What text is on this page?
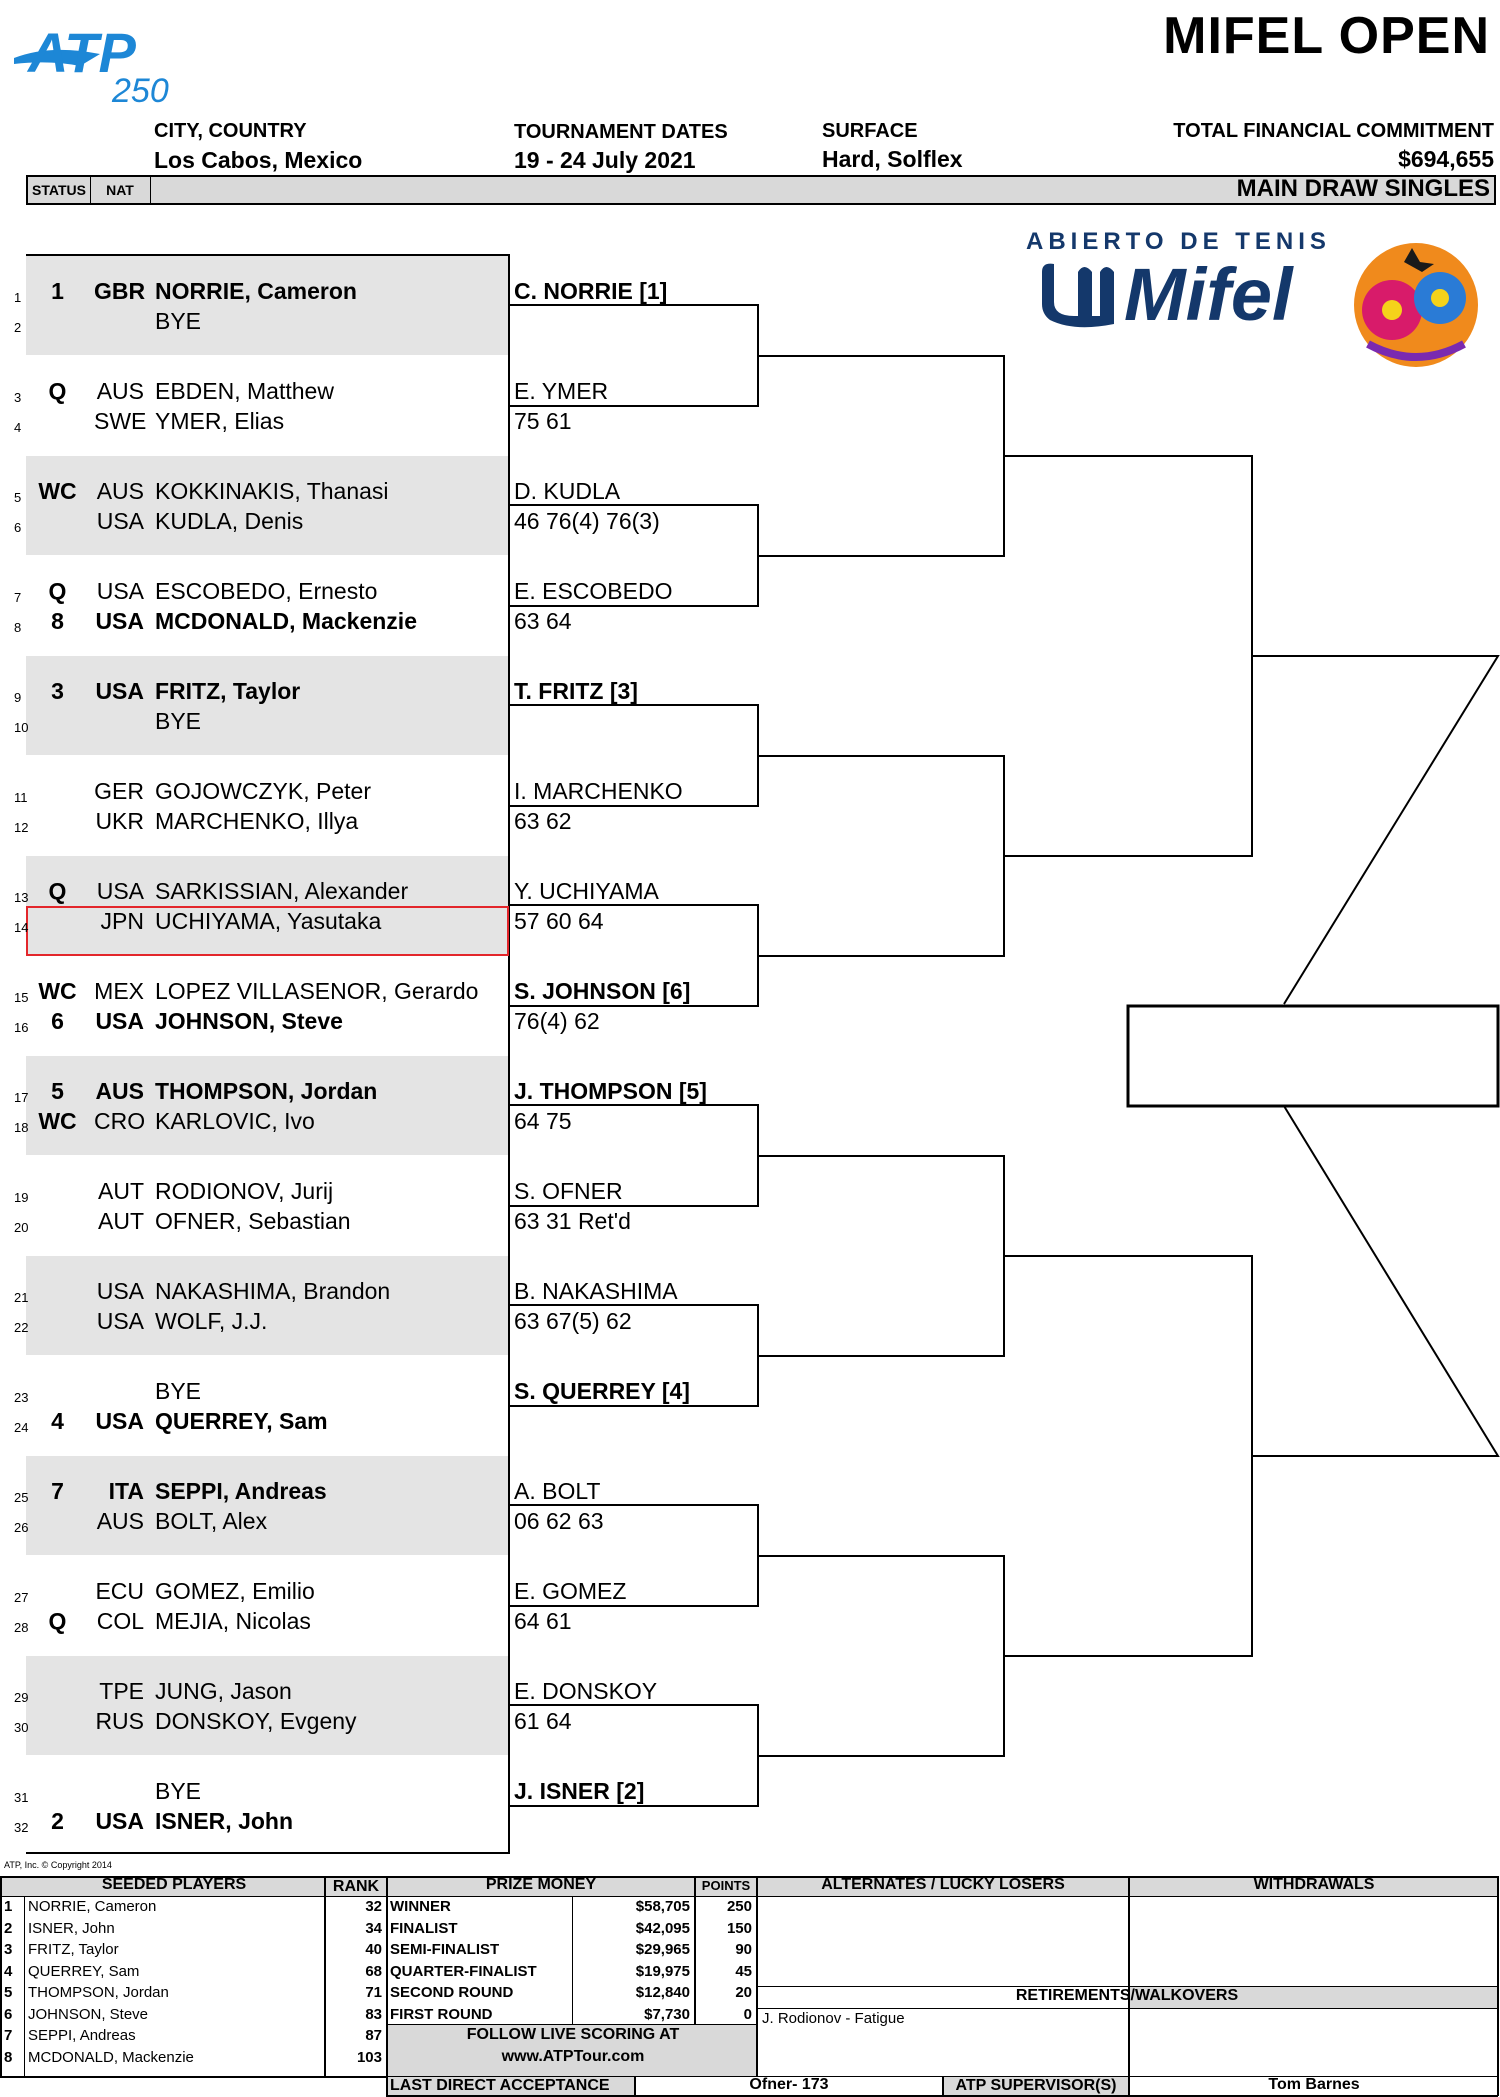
ATP
250
MIFEL OPEN
CITY, COUNTRY
Los Cabos, Mexico
TOURNAMENT DATES
19 - 24 July 2021
SURFACE
Hard, Solflex
TOTAL FINANCIAL COMMITMENT
$694,655
STATUS	NAT	MAIN DRAW SINGLES
ABIERTO DE TENIS
Mifel
1	1	GBR NORRIE, Cameron
2	BYE
3	Q	AUS EBDEN, Matthew
4	SWE YMER, Elias
5 WC AUS KOKKINAKIS, Thanasi
6	USA KUDLA, Denis
7	Q	USA ESCOBEDO, Ernesto
8	8	USA MCDONALD, Mackenzie
9	3	USA FRITZ, Taylor
10	BYE
11	GER GOJOWCZYK, Peter
12	UKR MARCHENKO, Illya
13 Q	USA SARKISSIAN, Alexander
14	JPN UCHIYAMA, Yasutaka
15 WC MEX LOPEZ VILLASENOR, Gerardo
16 6	USA JOHNSON, Steve
17 5	AUS THOMPSON, Jordan
18 WC CRO KARLOVIC, Ivo
19	AUT RODIONOV, Jurij
20	AUT OFNER, Sebastian
21	USA NAKASHIMA, Brandon
22	USA WOLF, J.J.
23	BYE
24 4	USA QUERREY, Sam
25 7	ITA SEPPI, Andreas
26	AUS BOLT, Alex
27	ECU GOMEZ, Emilio
28 Q	COL MEJIA, Nicolas
29	TPE JUNG, Jason
30	RUS DONSKOY, Evgeny
31	BYE
32 2	USA ISNER, John
C. NORRIE [1]
E. YMER
75 61
D. KUDLA
46 76(4) 76(3)
E. ESCOBEDO
63 64
T. FRITZ [3]
I. MARCHENKO
63 62
Y. UCHIYAMA
57 60 64
S. JOHNSON [6]
76(4) 62
J. THOMPSON [5]
64 75
S. OFNER
63 31 Ret'd
B. NAKASHIMA
63 67(5) 62
S. QUERREY [4]
A. BOLT
06 62 63
E. GOMEZ
64 61
E. DONSKOY
61 64
J. ISNER [2]
ATP, Inc. © Copyright 2014
SEEDED PLAYERS	RANK	PRIZE MONEY	POINTS	ALTERNATES / LUCKY LOSERS	WITHDRAWALS
RETIREMENTS/WALKOVERS
1 NORRIE, Cameron	32
2 ISNER, John	34
3 FRITZ, Taylor	40
4 QUERREY, Sam	68
5 THOMPSON, Jordan	71
6 JOHNSON, Steve	83
7 SEPPI, Andreas	87
8 MCDONALD, Mackenzie	103
WINNER	$58,705	250
FINALIST	$42,095	150
SEMI-FINALIST	$29,965	90
QUARTER-FINALIST	$19,975	45
SECOND ROUND	$12,840	20
FIRST ROUND	$7,730	0 J. Rodionov - Fatigue
FOLLOW LIVE SCORING AT
www.ATPTour.com
LAST DIRECT ACCEPTANCE	Ofner- 173	ATP SUPERVISOR(S)	Tom Barnes
